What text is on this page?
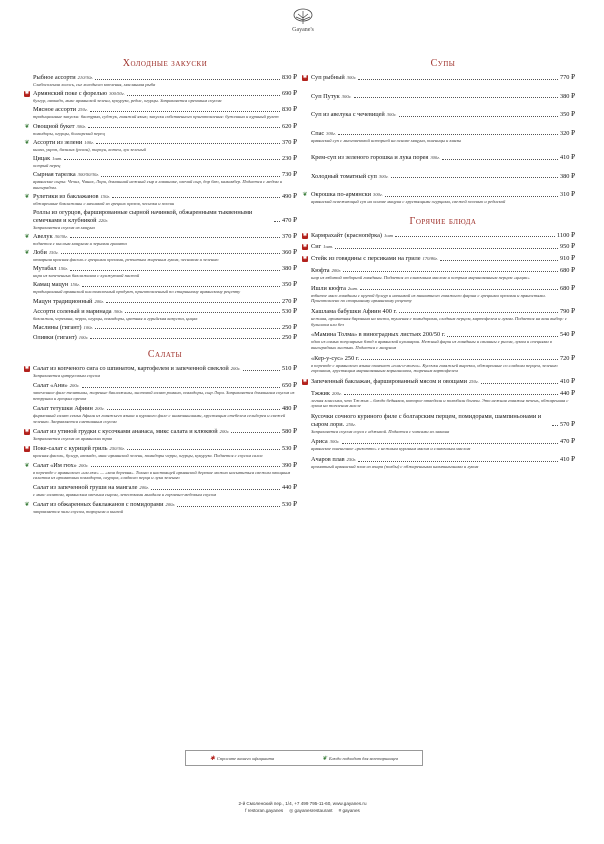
Gayane's
Холодные закуски
Рыбное ассорти 210/30г.	830 ₽
Слабосоленая лосось, сиг холодного копчения, маслянная рыба
✱ Армянский поке с форелью 300/50г.	690 ₽
булгур, авокадо, микс армянской зелени, кукуруза, редис, огурцы. Заправляется ореховым соусом
Мясное ассорти 250г.	830 ₽
традиционные закуски: бастурма, суджук, говяжий язык; закуски собственного приготовления: буженина и куриный рулет
❦ Овощной букет 300г.	620 ₽
помидоры, огурцы, болгарский перец
❦ Ассорти из зелени 100г.	370 ₽
кинза, укроп, базилик (реган), тархун, котем, лук зеленый
Цицак 1шт.	230 ₽
острый перец
Сырная тарелка 300/50/30г.	730 ₽
армянские сыры: Чечил, Чанах, Лори, домашний нежный сыр в лавашике, овечий сыр, дор блю, камамбер. Подается с медом и виноградом.
❦ Рулетики из баклажанов 150г.	490 ₽
обжаренные баклажаны с начинкой из грецких орехов, чеснока и зелени
Роллы из огурцов, фаршированные сырной начинкой, обжаренными тыквенными семечками и клубникой 220г.	470 ₽
Заправляется соусом из мацуна
❦ Авелук 30/30г.	370 ₽
подается с кислым мацуном и зернами граната
❦ Лоби 150г.	360 ₽
отварная красная фасоль с грецкими орехами, репчатым жареным луком, чесноком и зеленью
Мутабал 150г.	380 ₽
икра из запеченных баклажанов с кунжутной пастой
Камац мацун 150г.	350 ₽
традиционный армянский кисломолочный продукт, приготовленный по старинному армянскому рецепту
Мацун традиционный 200г.	270 ₽
Ассорти соленый и маринада 300г.	530 ₽
баклажан, черемша, черри, огурцы, помидоры, цветная и гурийская капуста, цицак
Маслины (гигант) 100г.	250 ₽
Оливки (гигант) 100г.	250 ₽
Салаты
✱ Салат из копченого сига со шпинатом, картофелем и запеченной свеклой 200г.	510 ₽
Заправляется цитрусовым соусом
Салат «Ани» 200г.	650 ₽
запеченное филе телятины, жареные баклажаны, листовой салат романо, помидоры, сыр Лори. Заправляется домашним соусом из петрушки и грецких орехов
Салат тетушки Афиин 200г.	480 ₽
фирменный салат семьи Афиин из говяжьего языка и куриного филе с шампиньонами, хрустящим стебелем сельдерея и свежей зеленью. Заправляется сметанным соусом
✱ Салат из утиной грудки с кусочками ананаса, микс салата и клюквой 200г.	580 ₽
Заправляется соусом из армянских трав
✱ Поке-салат с курицей гриль 250/30г.	530 ₽
красная фасоль, булгур, авокадо, микс армянской зелени, помидоры черри, огурцы, кукуруза. Подается с соусом салса
❦ Салат «Им гюх» 200г.	390 ₽
в переводе с армянского «им гюх» — «моя деревня». Только в настоящей армянской деревне можно насытиться свежим овощным салатом из ароматных помидоров, огурцов, сладкого перца и лука зеленью
Салат из запеченной груши на мангале 200г.	440 ₽
с микс салатом, армянским овечьим сыром, лепестками миндаля и горчично-медовым соусом
❦ Салат из обжаренных баклажанов с помидорами 200г.	530 ₽
заправляется чили соусом, тархуном и кинзой
Супы
✱ Суп рыбный 300г.	770 ₽
Суп Путук 300г.	380 ₽
Суп из авелука с чечевицей 300г.	350 ₽
Спас 300г.	320 ₽
армянский суп с многовековой историей на основе мацуна, пшеницы и кинзы
Крем-суп из зеленого горошка и лука порея 300г.	410 ₽
Холодный томатный суп 300г.	380 ₽
❦ Окрошка по-армянски 300г.	310 ₽
армянский освежающий суп на основе мацуна с хрустящими огурцами, свежей зеленью и редиской
Горячие блюда
✱ Кармрахайт (краснопёрка) 1шт	1100 ₽
✱ Сиг 1шт.	950 ₽
✱ Стейк из говядины с персиками на гриле 170/80г.	910 ₽
Кюфта 200г.	680 ₽
шар из взбитой отборной говядины. Подается со сливочным маслом и острым маринованным перцем «цицак»
Ишли кюфта 2шт.	680 ₽
взбитое мясо говядины с крупой булгур и начинкой из пикантного говяжьего фарша с грецкими орехами и пряностями. Приготовлено по старинному армянскому рецепту
Хашлама бабушки Афиин 400 г.	790 ₽
нежная, ароматная баранина на кости, тушеная с помидорами, сладким перцем, картофелем и луком. Подается на ваш выбор: с бульоном или без
«Мамина Толма» в виноградных листьях 200/50 г.	540 ₽
одно из самых популярных блюд в армянской кулинарии. Нежный фарш из говядины и свинины с рисом, луком и специями в виноградных листьях. Подается с мацуном
«Кер-у-сус» 250 г.	720 ₽
в переводе с армянского языка означает «ешь-и-молчи». Кусочки говяжьей вырезки, обжаренные со сладким перцем, зеленью горошком, хрустящим маринованным корнишоном, жареным картофелем
✱ Запеченный баклажан, фаршированный мясом и овощами 250г.	410 ₽
Тжжик 200г.	440 ₽
легкая классика, что Тжжик – блюдо бедняков, которое отведали и полюбили богачи. Это нежная говяжья печень, обжаренная с луком на топленом масле
Кусочки сочного куриного филе с болгарским перцем, помидорами, шампиньонами и сыром лори. 250г.	570 ₽
Заправляется соусом соуса с аджикой. Подается с чипсами из лаваша
Ариса 300г.	470 ₽
армянское пшеничное «ризотто» с нежным куриным мясом и сливочным маслом
Ачаров плав 250г.	410 ₽
ароматный армянский плов из ачара (полбы) с обжаренными шампиньонами и луком
✱ Спросите вашего официанта	❦ Блюдо подходит для вегетарианцев
2-й Смоленский пер., 1/4, +7 499 795-11-60, www.gayanes.ru
f restoran.gayanes ◎ gayanesrestaurant # gayanes
